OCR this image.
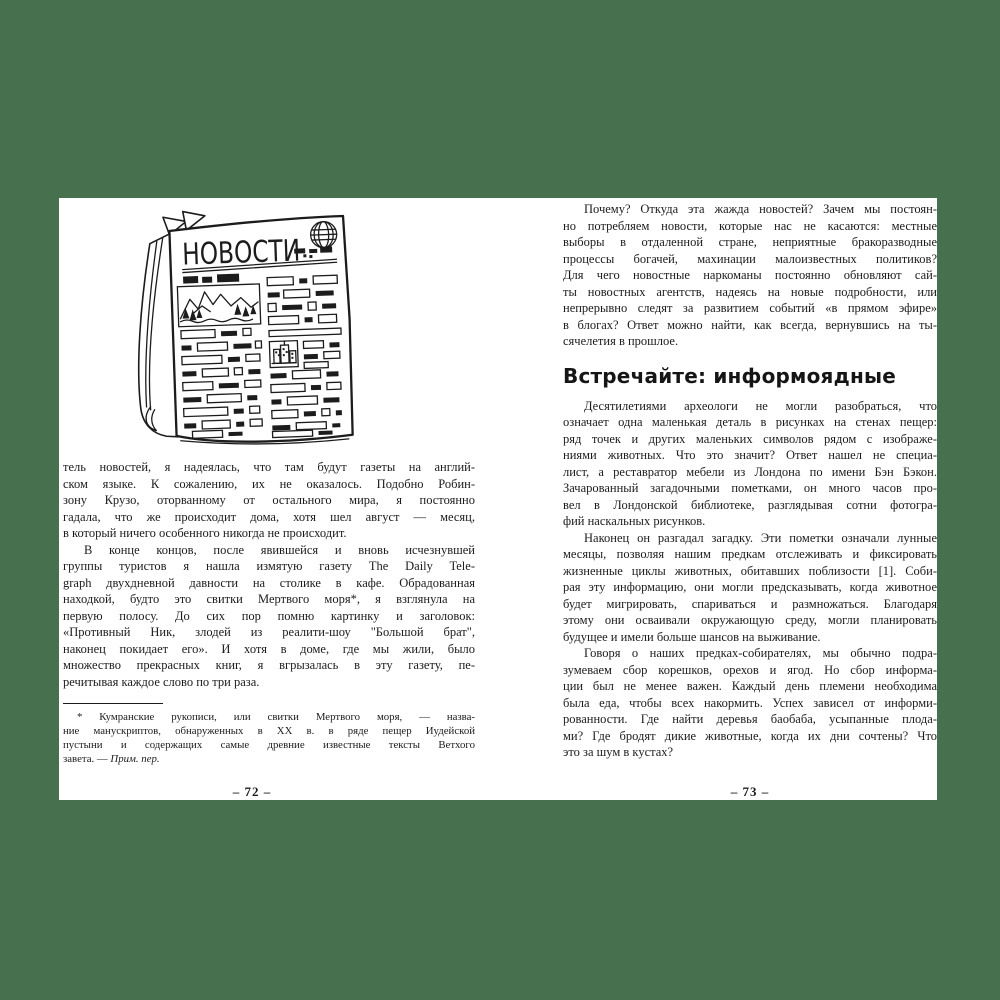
НОВОСТИ
тель новостей, я надеялась, что там будут газеты на англий-
ском языке. К сожалению, их не оказалось. Подобно Робин-
зону Крузо, оторванному от остального мира, я постоянно
гадала, что же происходит дома, хотя шел август — месяц,
в который ничего особенного никогда не происходит.
В конце концов, после явившейся и вновь исчезнувшей
группы туристов я нашла измятую газету The Daily Tele-
graph двухдневной давности на столике в кафе. Обрадованная
находкой, будто это свитки Мертвого моря*, я взглянула на
первую полосу. До сих пор помню картинку и заголовок:
«Противный Ник, злодей из реалити-шоу "Большой брат",
наконец покидает его». И хотя в доме, где мы жили, было
множество прекрасных книг, я вгрызалась в эту газету, пе-
речитывая каждое слово по три раза.
* Кумранские рукописи, или свитки Мертвого моря, — назва-
ние манускриптов, обнаруженных в XX в. в ряде пещер Иудейской
пустыни и содержащих самые древние известные тексты Ветхого
завета. — Прим. пер.
– 72 –
Почему? Откуда эта жажда новостей? Зачем мы постоян-
но потребляем новости, которые нас не касаются: местные
выборы в отдаленной стране, неприятные бракоразводные
процессы богачей, махинации малоизвестных политиков?
Для чего новостные наркоманы постоянно обновляют сай-
ты новостных агентств, надеясь на новые подробности, или
непрерывно следят за развитием событий «в прямом эфире»
в блогах? Ответ можно найти, как всегда, вернувшись на ты-
сячелетия в прошлое.
Встречайте: информоядные
Десятилетиями археологи не могли разобраться, что
означает одна маленькая деталь в рисунках на стенах пещер:
ряд точек и других маленьких символов рядом с изображе-
ниями животных. Что это значит? Ответ нашел не специа-
лист, а реставратор мебели из Лондона по имени Бэн Бэкон.
Зачарованный загадочными пометками, он много часов про-
вел в Лондонской библиотеке, разглядывая сотни фотогра-
фий наскальных рисунков.
Наконец он разгадал загадку. Эти пометки означали лунные
месяцы, позволяя нашим предкам отслеживать и фиксировать
жизненные циклы животных, обитавших поблизости [1]. Соби-
рая эту информацию, они могли предсказывать, когда животное
будет мигрировать, спариваться и размножаться. Благодаря
этому они осваивали окружающую среду, могли планировать
будущее и имели больше шансов на выживание.
Говоря о наших предках-собирателях, мы обычно подра-
зумеваем сбор корешков, орехов и ягод. Но сбор информа-
ции был не менее важен. Каждый день племени необходима
была еда, чтобы всех накормить. Успех зависел от информи-
рованности. Где найти деревья баобаба, усыпанные плода-
ми? Где бродят дикие животные, когда их дни сочтены? Что
это за шум в кустах?
– 73 –
